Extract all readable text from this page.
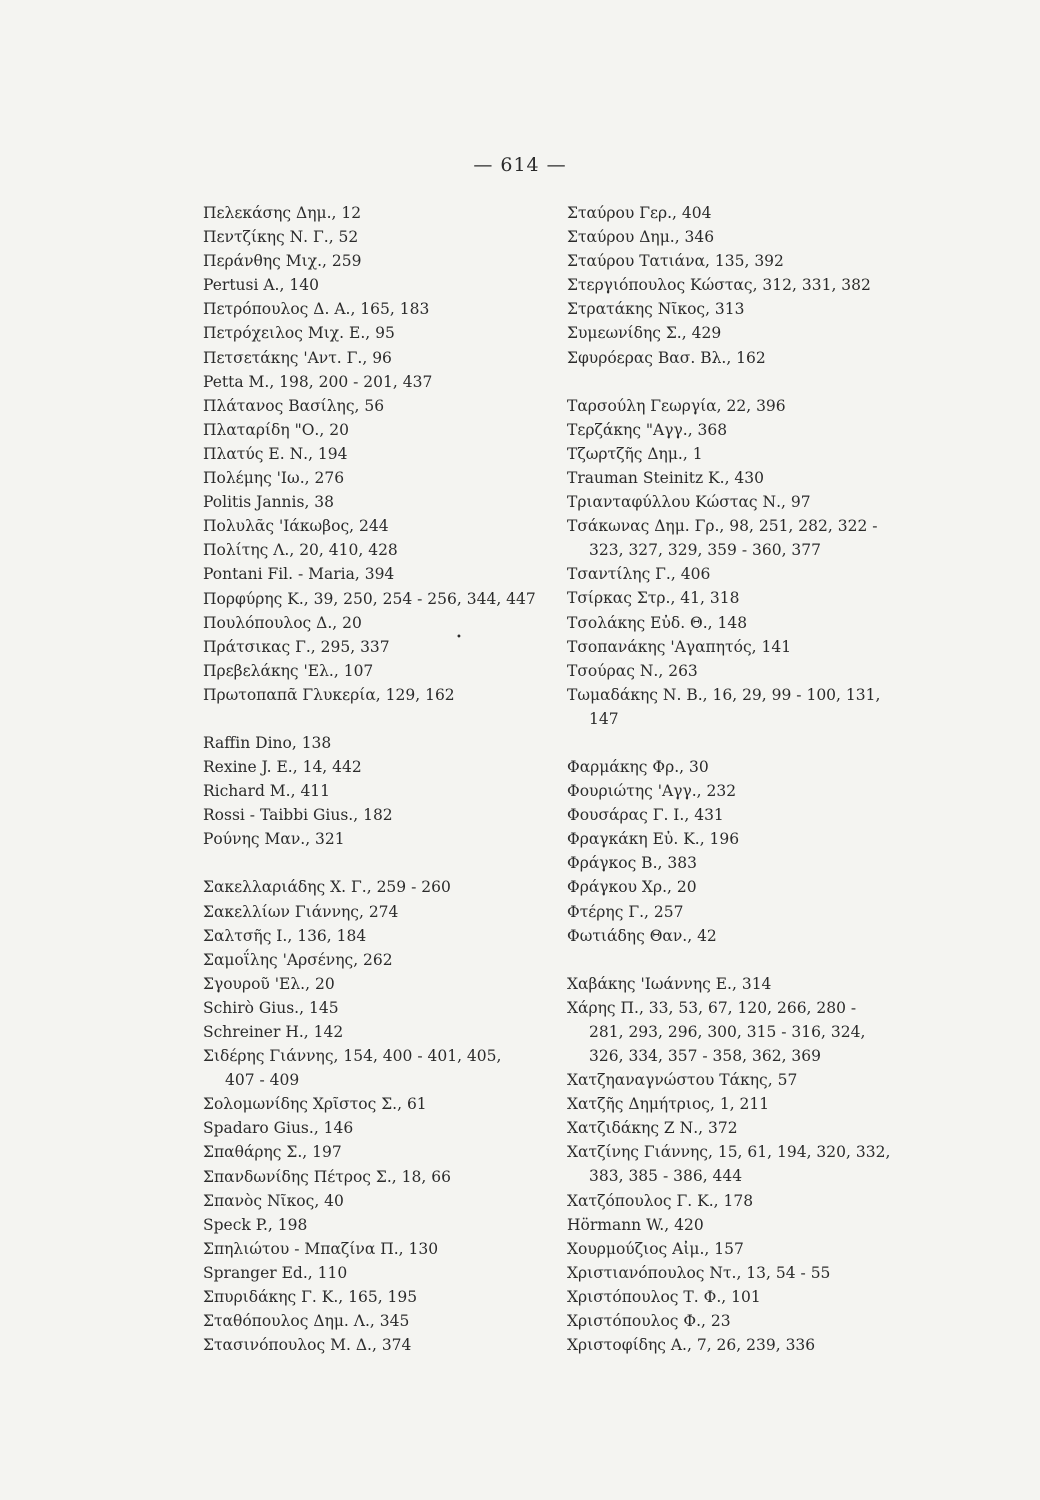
— 614 —
Πελεκάσης Δημ., 12
Πεντζίκης Ν. Γ., 52
Περάνθης Μιχ., 259
Pertusi A., 140
Πετρόπουλος Δ. Α., 165, 183
Πετρόχειλος Μιχ. Ε., 95
Πετσετάκης 'Αντ. Γ., 96
Petta M., 198, 200 - 201, 437
Πλάτανος Βασίλης, 56
Πλαταρίδη "Ο., 20
Πλατύς Ε. Ν., 194
Πολέμης 'Ιω., 276
Politis Jannis, 38
Πολυλᾶς 'Ιάκωβος, 244
Πολίτης Λ., 20, 410, 428
Pontani Fil. - Maria, 394
Πορφύρης Κ., 39, 250, 254 - 256, 344, 447
Πουλόπουλος Δ., 20
Πράτσικας Γ., 295, 337
Πρεβελάκης 'Ελ., 107
Πρωτοπαπᾶ Γλυκερία, 129, 162
Raffin Dino, 138
Rexine J. E., 14, 442
Richard M., 411
Rossi - Taibbi Gius., 182
Ρούνης Μαν., 321
Σακελλαριάδης Χ. Γ., 259 - 260
Σακελλίων Γιάννης, 274
Σαλτσῆς Ι., 136, 184
Σαμοΐλης 'Αρσένης, 262
Σγουροῦ 'Ελ., 20
Schirò Gius., 145
Schreiner H., 142
Σιδέρης Γιάννης, 154, 400 - 401, 405,
407 - 409
Σολομωνίδης Χρῖστος Σ., 61
Spadaro Gius., 146
Σπαθάρης Σ., 197
Σπανδωνίδης Πέτρος Σ., 18, 66
Σπανὸς Νῖκος, 40
Speck P., 198
Σπηλιώτου - Μπαζίνα Π., 130
Spranger Ed., 110
Σπυριδάκης Γ. Κ., 165, 195
Σταθόπουλος Δημ. Λ., 345
Στασινόπουλος Μ. Δ., 374
Σταύρου Γερ., 404
Σταύρου Δημ., 346
Σταύρου Τατιάνα, 135, 392
Στεργιόπουλος Κώστας, 312, 331, 382
Στρατάκης Νῖκος, 313
Συμεωνίδης Σ., 429
Σφυρόερας Βασ. Βλ., 162
Ταρσούλη Γεωργία, 22, 396
Τερζάκης "Αγγ., 368
Τζωρτζῆς Δημ., 1
Trauman Steinitz K., 430
Τριανταφύλλου Κώστας Ν., 97
Τσάκωνας Δημ. Γρ., 98, 251, 282, 322 -
323, 327, 329, 359 - 360, 377
Τσαντίλης Γ., 406
Τσίρκας Στρ., 41, 318
Τσολάκης Εὐδ. Θ., 148
Τσοπανάκης 'Αγαπητός, 141
Τσούρας Ν., 263
Τωμαδάκης Ν. Β., 16, 29, 99 - 100, 131,
147
Φαρμάκης Φρ., 30
Φουριώτης 'Αγγ., 232
Φουσάρας Γ. Ι., 431
Φραγκάκη Εὐ. Κ., 196
Φράγκος Β., 383
Φράγκου Χρ., 20
Φτέρης Γ., 257
Φωτιάδης Θαν., 42
Χαβάκης 'Ιωάννης Ε., 314
Χάρης Π., 33, 53, 67, 120, 266, 280 -
281, 293, 296, 300, 315 - 316, 324,
326, 334, 357 - 358, 362, 369
Χατζηαναγνώστου Τάκης, 57
Χατζῆς Δημήτριος, 1, 211
Χατζιδάκης Ζ Ν., 372
Χατζίνης Γιάννης, 15, 61, 194, 320, 332,
383, 385 - 386, 444
Χατζόπουλος Γ. Κ., 178
Hörmann W., 420
Χουρμούζιος Αἰμ., 157
Χριστιανόπουλος Ντ., 13, 54 - 55
Χριστόπουλος Τ. Φ., 101
Χριστόπουλος Φ., 23
Χριστοφίδης Α., 7, 26, 239, 336
•
